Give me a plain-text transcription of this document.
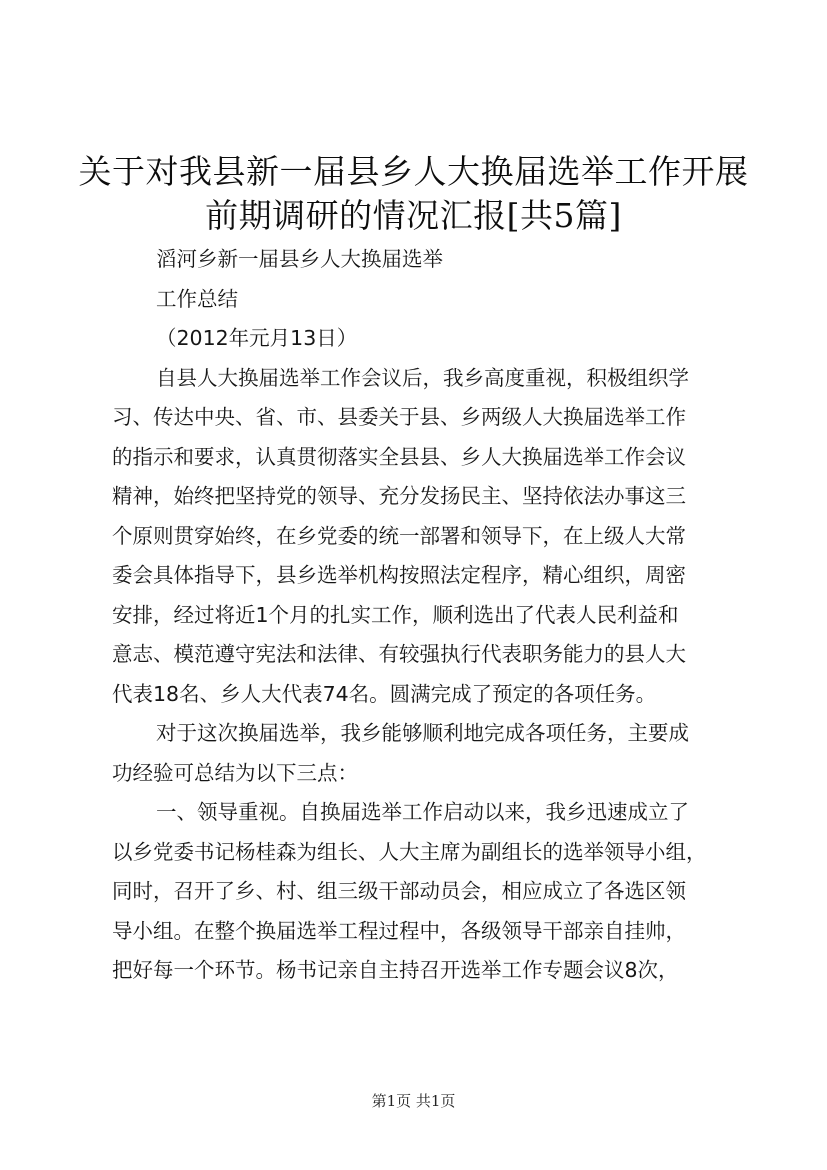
关于对我县新一届县乡人大换届选举工作开展
前期调研的情况汇报[共5篇]
滔河乡新一届县乡人大换届选举
工作总结
（2012年元月13日）
自县人大换届选举工作会议后，我乡高度重视，积极组织学
习、传达中央、省、市、县委关于县、乡两级人大换届选举工作
的指示和要求，认真贯彻落实全县县、乡人大换届选举工作会议
精神，始终把坚持党的领导、充分发扬民主、坚持依法办事这三
个原则贯穿始终，在乡党委的统一部署和领导下，在上级人大常
委会具体指导下，县乡选举机构按照法定程序，精心组织，周密
安排，经过将近1个月的扎实工作，顺利选出了代表人民利益和
意志、模范遵守宪法和法律、有较强执行代表职务能力的县人大
代表18名、乡人大代表74名。圆满完成了预定的各项任务。
对于这次换届选举，我乡能够顺利地完成各项任务，主要成
功经验可总结为以下三点：
一、领导重视。自换届选举工作启动以来，我乡迅速成立了
以乡党委书记杨桂森为组长、人大主席为副组长的选举领导小组，
同时，召开了乡、村、组三级干部动员会，相应成立了各选区领
导小组。在整个换届选举工程过程中，各级领导干部亲自挂帅，
把好每一个环节。杨书记亲自主持召开选举工作专题会议8次，
第1页 共1页
